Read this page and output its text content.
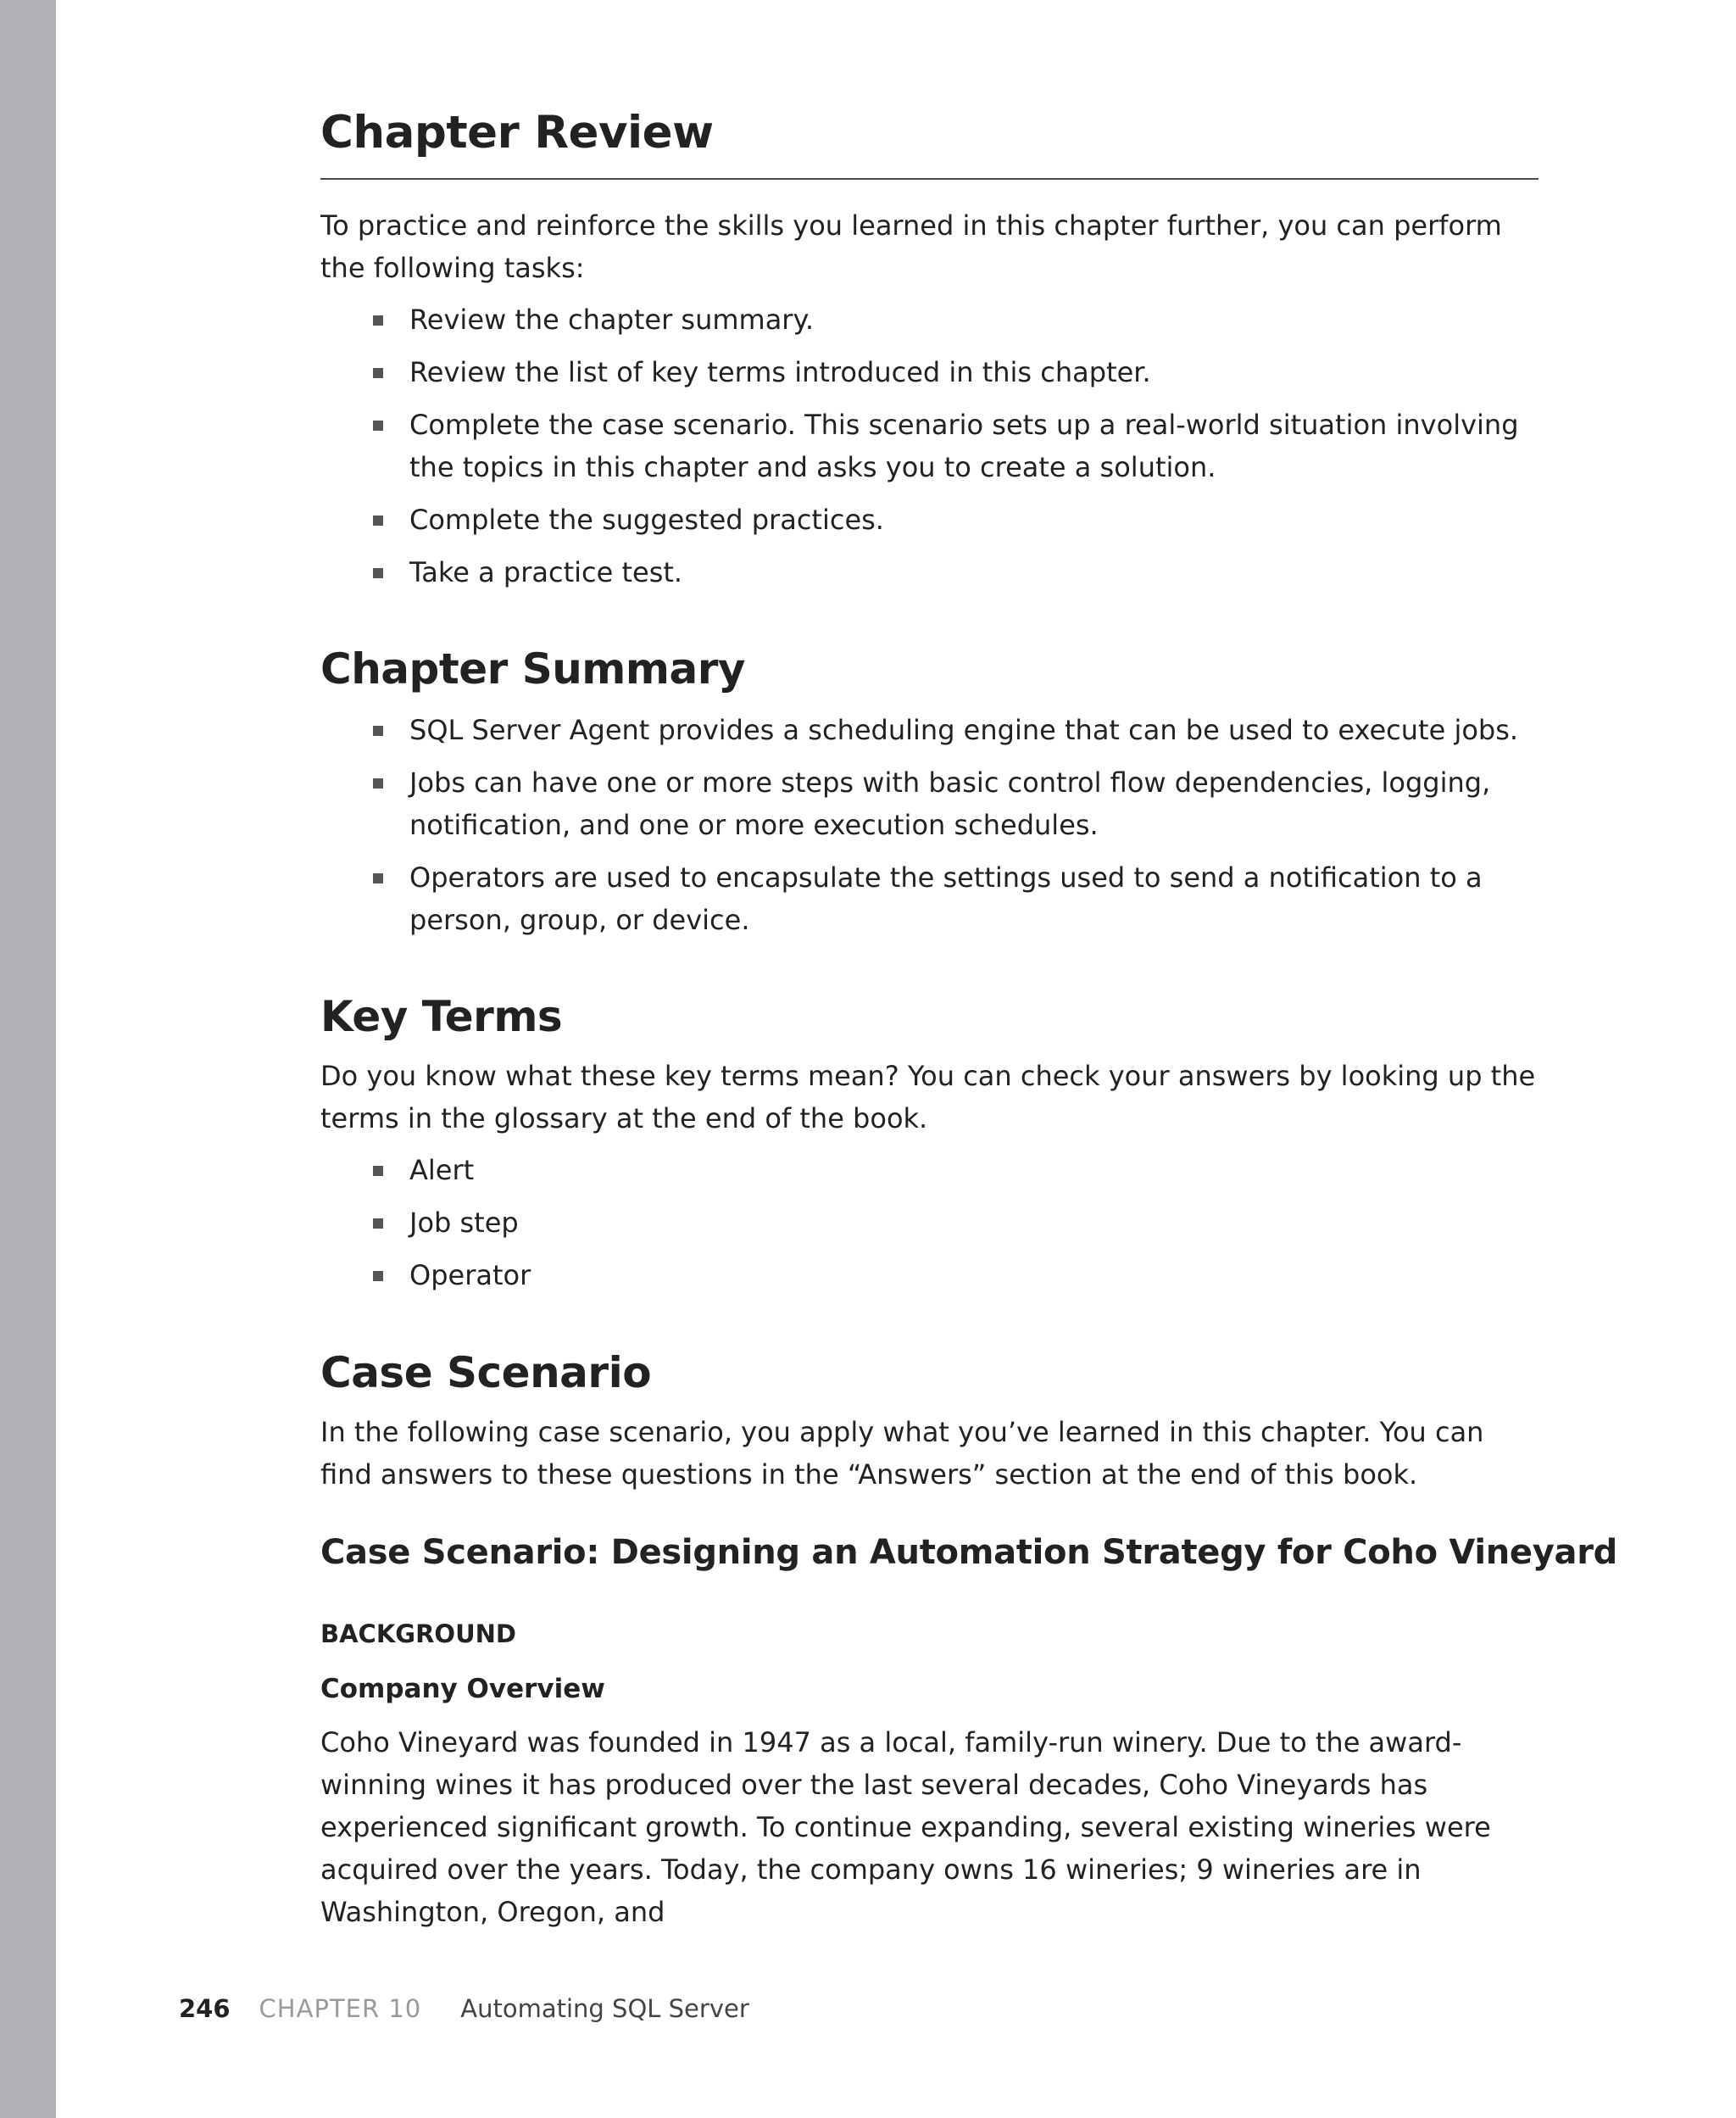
Chapter Review
To practice and reinforce the skills you learned in this chapter further, you can perform the following tasks:
Review the chapter summary.
Review the list of key terms introduced in this chapter.
Complete the case scenario. This scenario sets up a real-world situation involving the topics in this chapter and asks you to create a solution.
Complete the suggested practices.
Take a practice test.
Chapter Summary
SQL Server Agent provides a scheduling engine that can be used to execute jobs.
Jobs can have one or more steps with basic control flow dependencies, logging, notification, and one or more execution schedules.
Operators are used to encapsulate the settings used to send a notification to a person, group, or device.
Key Terms
Do you know what these key terms mean? You can check your answers by looking up the terms in the glossary at the end of the book.
Alert
Job step
Operator
Case Scenario
In the following case scenario, you apply what you’ve learned in this chapter. You can find answers to these questions in the “Answers” section at the end of this book.
Case Scenario: Designing an Automation Strategy for Coho Vineyard
BACKGROUND
Company Overview
Coho Vineyard was founded in 1947 as a local, family-run winery. Due to the award-winning wines it has produced over the last several decades, Coho Vineyards has experienced significant growth. To continue expanding, several existing wineries were acquired over the years. Today, the company owns 16 wineries; 9 wineries are in Washington, Oregon, and
246 CHAPTER 10 Automating SQL Server
